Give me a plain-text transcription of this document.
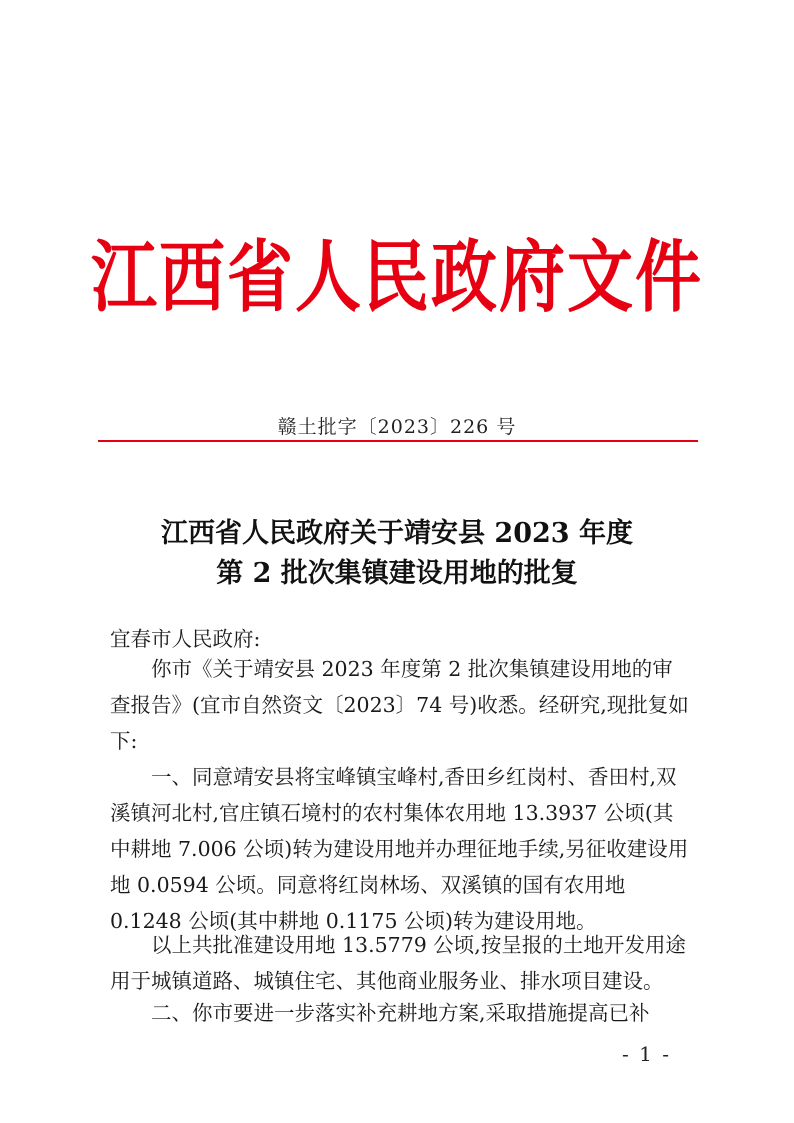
江西省人民政府文件
赣土批字〔2023〕226 号
江西省人民政府关于靖安县 2023 年度
第 2 批次集镇建设用地的批复
宜春市人民政府:
你市《关于靖安县 2023 年度第 2 批次集镇建设用地的审查报告》(宜市自然资文〔2023〕74 号)收悉。经研究,现批复如下:
一、同意靖安县将宝峰镇宝峰村,香田乡红岗村、香田村,双溪镇河北村,官庄镇石境村的农村集体农用地 13.3937 公顷(其中耕地 7.006 公顷)转为建设用地并办理征地手续,另征收建设用地 0.0594 公顷。同意将红岗林场、双溪镇的国有农用地 0.1248 公顷(其中耕地 0.1175 公顷)转为建设用地。
以上共批准建设用地 13.5779 公顷,按呈报的土地开发用途用于城镇道路、城镇住宅、其他商业服务业、排水项目建设。
二、你市要进一步落实补充耕地方案,采取措施提高已补
- 1 -
